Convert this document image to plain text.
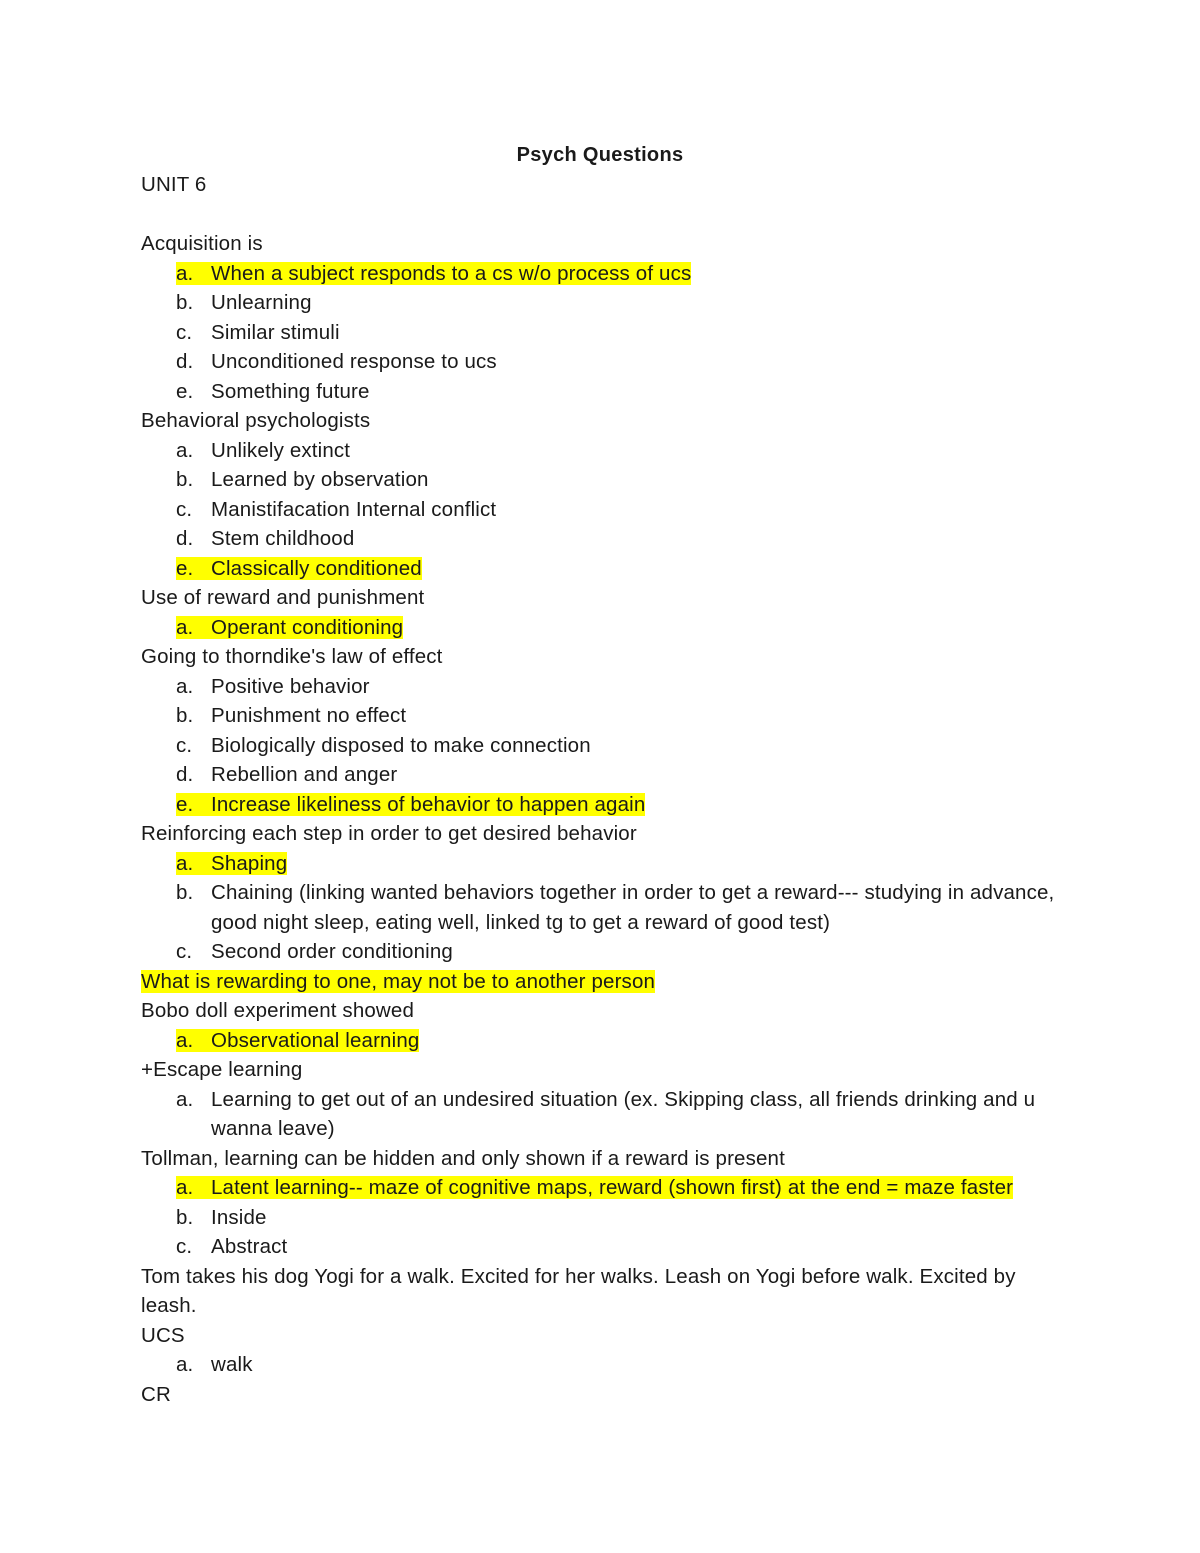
Psych Questions
UNIT 6
Acquisition is
a. When a subject responds to a cs w/o process of ucs
b. Unlearning
c. Similar stimuli
d. Unconditioned response to ucs
e. Something future
Behavioral psychologists
a. Unlikely extinct
b. Learned by observation
c. Manistifacation Internal conflict
d. Stem childhood
e. Classically conditioned
Use of reward and punishment
a. Operant conditioning
Going to thorndike's law of effect
a. Positive behavior
b. Punishment no effect
c. Biologically disposed to make connection
d. Rebellion and anger
e. Increase likeliness of behavior to happen again
Reinforcing each step in order to get desired behavior
a. Shaping
b. Chaining (linking wanted behaviors together in order to get a reward--- studying in advance, good night sleep, eating well, linked tg to get a reward of good test)
c. Second order conditioning
What is rewarding to one, may not be to another person
Bobo doll experiment showed
a. Observational learning
+Escape learning
a. Learning to get out of an undesired situation (ex. Skipping class, all friends drinking and u wanna leave)
Tollman, learning can be hidden and only shown if a reward is present
a. Latent learning-- maze of cognitive maps, reward (shown first) at the end = maze faster
b. Inside
c. Abstract
Tom takes his dog Yogi for a walk. Excited for her walks. Leash on Yogi before walk. Excited by leash.
UCS
a. walk
CR
